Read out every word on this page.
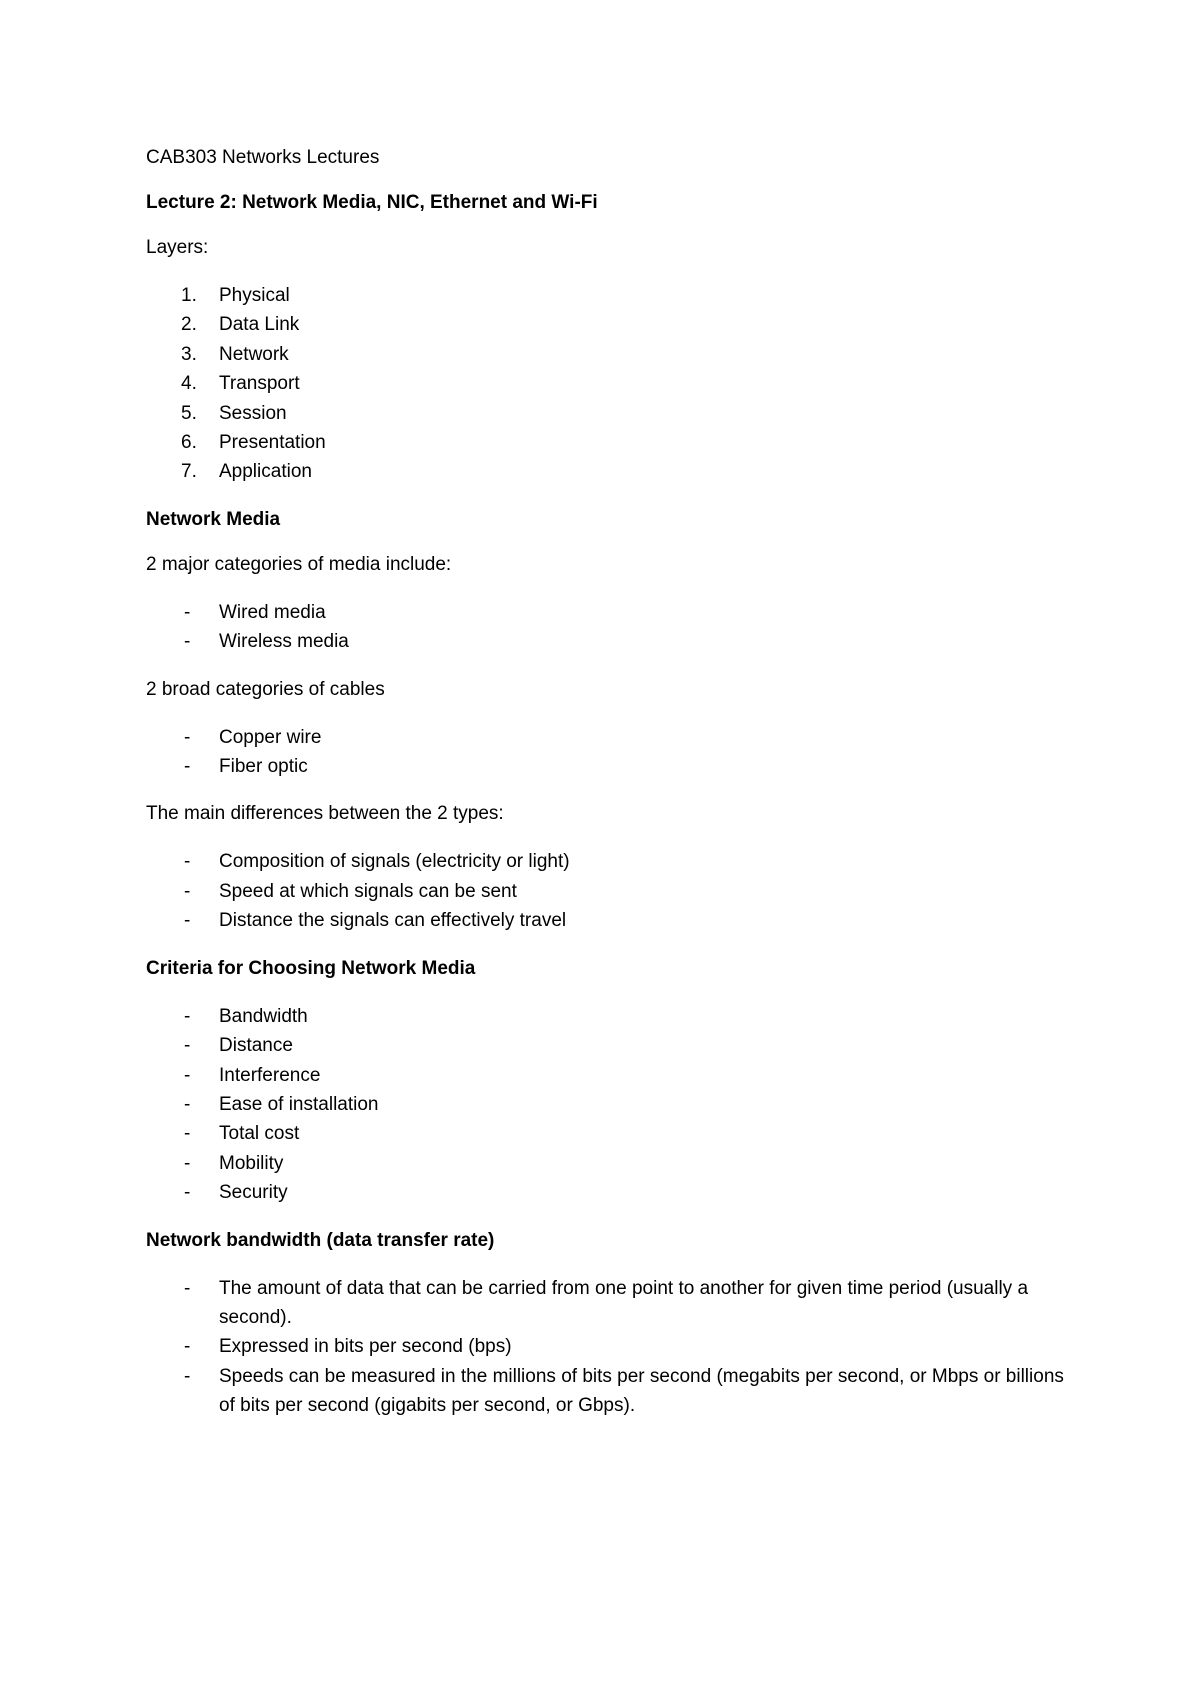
CAB303 Networks Lectures
Lecture 2: Network Media, NIC, Ethernet and Wi-Fi
Layers:
1. Physical
2. Data Link
3. Network
4. Transport
5. Session
6. Presentation
7. Application
Network Media
2 major categories of media include:
- Wired media
- Wireless media
2 broad categories of cables
- Copper wire
- Fiber optic
The main differences between the 2 types:
- Composition of signals (electricity or light)
- Speed at which signals can be sent
- Distance the signals can effectively travel
Criteria for Choosing Network Media
- Bandwidth
- Distance
- Interference
- Ease of installation
- Total cost
- Mobility
- Security
Network bandwidth (data transfer rate)
- The amount of data that can be carried from one point to another for given time period (usually a second).
- Expressed in bits per second (bps)
- Speeds can be measured in the millions of bits per second (megabits per second, or Mbps or billions of bits per second (gigabits per second, or Gbps).
